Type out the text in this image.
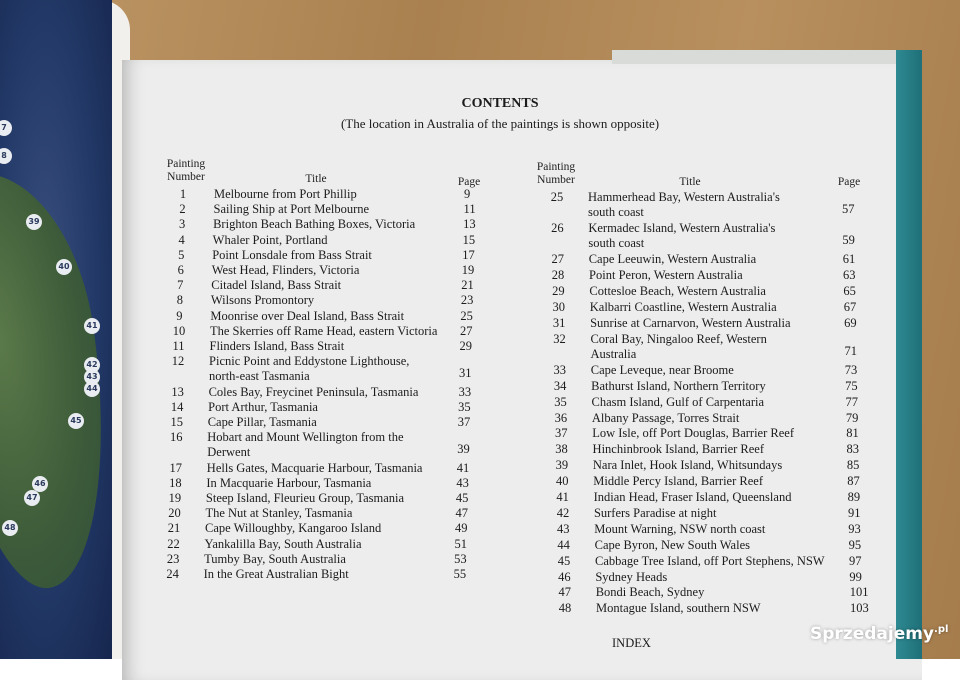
7
8
39
40
41
42
43
44
45
46
47
48
CONTENTS
(The location in Australia of the paintings is shown opposite)
Painting
Number	Title	Page
Painting
Number	Title	Page
1	Melbourne from Port Phillip	9
2	Sailing Ship at Port Melbourne	11
3	Brighton Beach Bathing Boxes, Victoria	13
4	Whaler Point, Portland	15
5	Point Lonsdale from Bass Strait	17
6	West Head, Flinders, Victoria	19
7	Citadel Island, Bass Strait	21
8	Wilsons Promontory	23
9	Moonrise over Deal Island, Bass Strait	25
10	The Skerries off Rame Head, eastern Victoria 27
11	Flinders Island, Bass Strait	29
12	Picnic Point and Eddystone Lighthouse,
north-east Tasmania	31
13	Coles Bay, Freycinet Peninsula, Tasmania	33
14	Port Arthur, Tasmania	35
15	Cape Pillar, Tasmania	37
16	Hobart and Mount Wellington from the
Derwent	39
17	Hells Gates, Macquarie Harbour, Tasmania	41
18	In Macquarie Harbour, Tasmania	43
19	Steep Island, Fleurieu Group, Tasmania	45
20	The Nut at Stanley, Tasmania	47
21	Cape Willoughby, Kangaroo Island	49
22	Yankalilla Bay, South Australia	51
23	Tumby Bay, South Australia	53
24	In the Great Australian Bight	55
25	Hammerhead Bay, Western Australia's
south coast	57
26	Kermadec Island, Western Australia's
south coast	59
27	Cape Leeuwin, Western Australia	61
28	Point Peron, Western Australia	63
29	Cottesloe Beach, Western Australia	65
30	Kalbarri Coastline, Western Australia	67
31	Sunrise at Carnarvon, Western Australia	69
32	Coral Bay, Ningaloo Reef, Western
Australia	71
33	Cape Leveque, near Broome	73
34	Bathurst Island, Northern Territory	75
35	Chasm Island, Gulf of Carpentaria	77
36	Albany Passage, Torres Strait	79
37	Low Isle, off Port Douglas, Barrier Reef	81
38	Hinchinbrook Island, Barrier Reef	83
39	Nara Inlet, Hook Island, Whitsundays	85
40	Middle Percy Island, Barrier Reef	87
41	Indian Head, Fraser Island, Queensland	89
42	Surfers Paradise at night	91
43	Mount Warning, NSW north coast	93
44	Cape Byron, New South Wales	95
45	Cabbage Tree Island, off Port Stephens, NSW 97
46	Sydney Heads	99
47	Bondi Beach, Sydney	101
48	Montague Island, southern NSW	103
INDEX	Sprzedajemy$^{.pl}$
